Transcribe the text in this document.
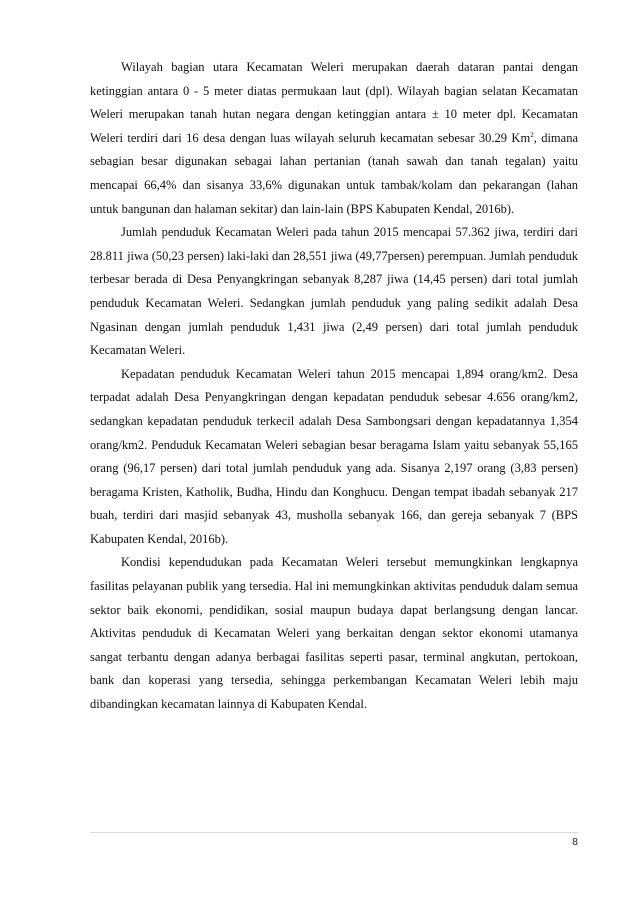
Wilayah bagian utara Kecamatan Weleri merupakan daerah dataran pantai dengan ketinggian antara 0 - 5 meter diatas permukaan laut (dpl). Wilayah bagian selatan Kecamatan Weleri merupakan tanah hutan negara dengan ketinggian antara ± 10 meter dpl. Kecamatan Weleri terdiri dari 16 desa dengan luas wilayah seluruh kecamatan sebesar 30.29 Km$^2$, dimana sebagian besar digunakan sebagai lahan pertanian (tanah sawah dan tanah tegalan) yaitu mencapai 66,4% dan sisanya 33,6% digunakan untuk tambak/kolam dan pekarangan (lahan untuk bangunan dan halaman sekitar) dan lain-lain (BPS Kabupaten Kendal, 2016b).

Jumlah penduduk Kecamatan Weleri pada tahun 2015 mencapai 57.362 jiwa, terdiri dari 28.811 jiwa (50,23 persen) laki-laki dan 28,551 jiwa (49,77persen) perempuan. Jumlah penduduk terbesar berada di Desa Penyangkringan sebanyak 8,287 jiwa (14,45 persen) dari total jumlah penduduk Kecamatan Weleri. Sedangkan jumlah penduduk yang paling sedikit adalah Desa Ngasinan dengan jumlah penduduk 1,431 jiwa (2,49 persen) dari total jumlah penduduk Kecamatan Weleri.

Kepadatan penduduk Kecamatan Weleri tahun 2015 mencapai 1,894 orang/km2. Desa terpadat adalah Desa Penyangkringan dengan kepadatan penduduk sebesar 4.656 orang/km2, sedangkan kepadatan penduduk terkecil adalah Desa Sambongsari dengan kepadatannya 1,354 orang/km2. Penduduk Kecamatan Weleri sebagian besar beragama Islam yaitu sebanyak 55,165 orang (96,17 persen) dari total jumlah penduduk yang ada. Sisanya 2,197 orang (3,83 persen) beragama Kristen, Katholik, Budha, Hindu dan Konghucu. Dengan tempat ibadah sebanyak 217 buah, terdiri dari masjid sebanyak 43, musholla sebanyak 166, dan gereja sebanyak 7 (BPS Kabupaten Kendal, 2016b).

Kondisi kependudukan pada Kecamatan Weleri tersebut memungkinkan lengkapnya fasilitas pelayanan publik yang tersedia. Hal ini memungkinkan aktivitas penduduk dalam semua sektor baik ekonomi, pendidikan, sosial maupun budaya dapat berlangsung dengan lancar. Aktivitas penduduk di Kecamatan Weleri yang berkaitan dengan sektor ekonomi utamanya sangat terbantu dengan adanya berbagai fasilitas seperti pasar, terminal angkutan, pertokoan, bank dan koperasi yang tersedia, sehingga perkembangan Kecamatan Weleri lebih maju dibandingkan kecamatan lainnya di Kabupaten Kendal.

8
